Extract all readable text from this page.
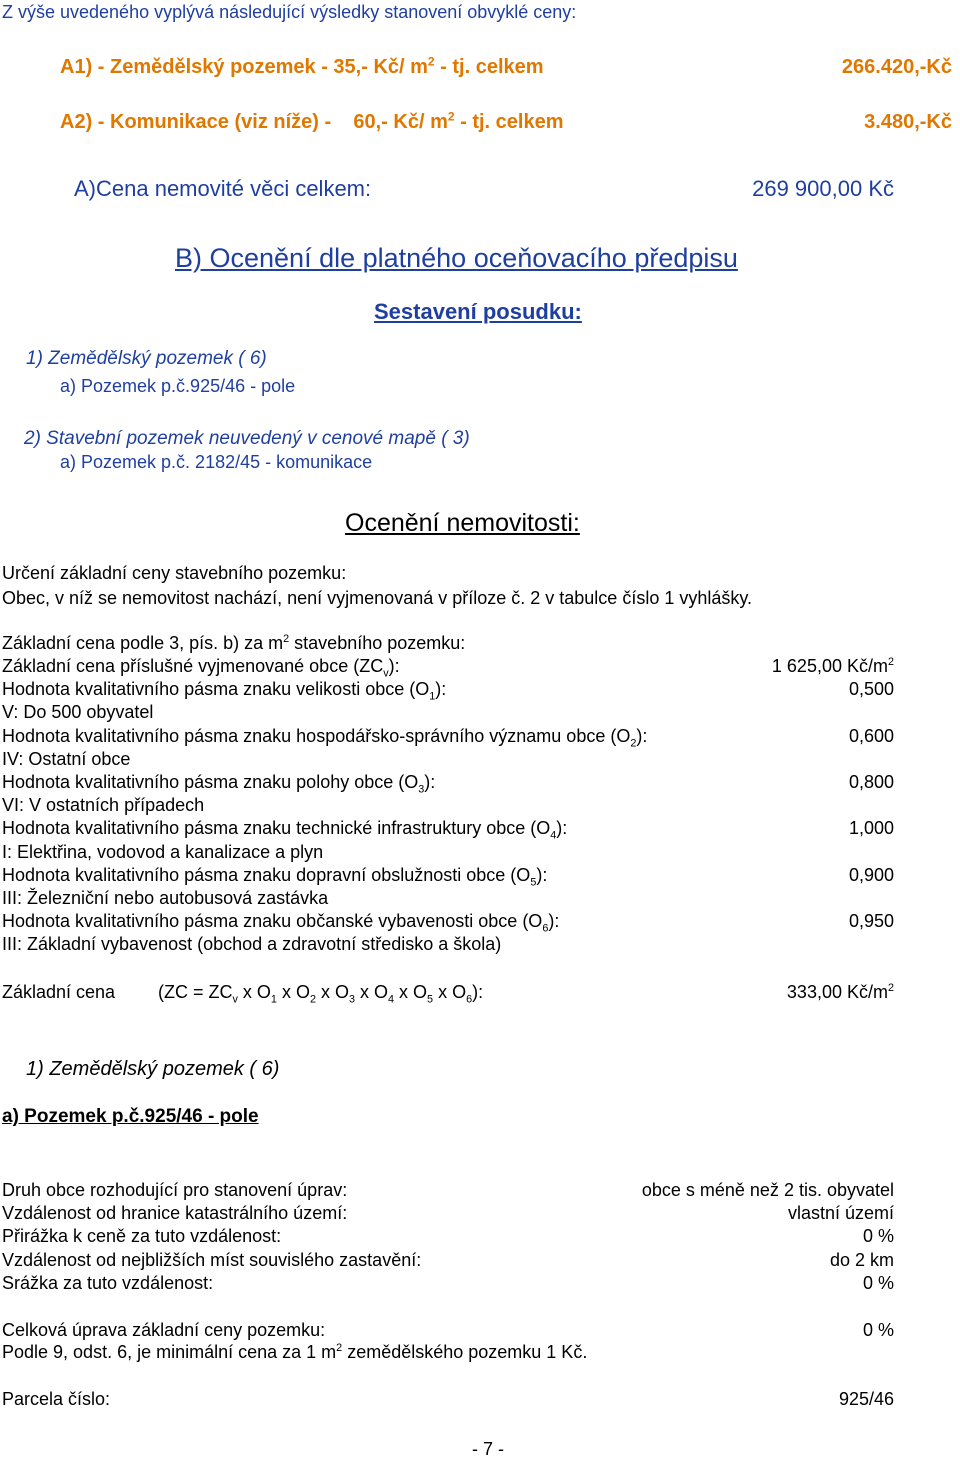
Z výše uvedeného vyplývá následující výsledky stanovení obvyklé ceny:
A1) - Zemědělský pozemek - 35,- Kč/ $m^2$ - tj. celkem	266.420,-Kč
A2) - Komunikace (viz níže) -    60,- Kč/ $m^2$ - tj. celkem	3.480,-Kč
A)Cena nemovité věci celkem:	269 900,00 Kč
B) Ocenění dle platného oceňovacího předpisu
Sestavení posudku:
1) Zemědělský pozemek ( 6)
a) Pozemek p.č.925/46 - pole
2) Stavební pozemek neuvedený v cenové mapě ( 3)
a) Pozemek p.č. 2182/45 - komunikace
Ocenění nemovitosti:
Určení základní ceny stavebního pozemku:
Obec, v níž se nemovitost nachází, není vyjmenovaná v příloze č. 2 v tabulce číslo 1 vyhlášky.
Základní cena podle 3, pís. b) za $m^2$ stavebního pozemku:
Základní cena příslušné vyjmenované obce $(ZC_v)$:	1 625,00 $Kč/m^2$
Hodnota kvalitativního pásma znaku velikosti obce $(O_1)$:	0,500
V: Do 500 obyvatel
Hodnota kvalitativního pásma znaku hospodářsko-správního významu obce $(O_2)$:	0,600
IV: Ostatní obce
Hodnota kvalitativního pásma znaku polohy obce $(O_3)$:	0,800
VI: V ostatních případech
Hodnota kvalitativního pásma znaku technické infrastruktury obce $(O_4)$:	1,000
I: Elektřina, vodovod a kanalizace a plyn
Hodnota kvalitativního pásma znaku dopravní obslužnosti obce $(O_5)$:	0,900
III: Železniční nebo autobusová zastávka
Hodnota kvalitativního pásma znaku občanské vybavenosti obce $(O_6)$:	0,950
III: Základní vybavenost (obchod a zdravotní středisko a škola)
Základní cena ($ZC = ZC_v$ x $O_1$ x $O_2$ x $O_3$ x $O_4$ x $O_5$ x $O_6$):	333,00 $Kč/m^2$
1) Zemědělský pozemek ( 6)
a) Pozemek p.č.925/46 - pole
Druh obce rozhodující pro stanovení úprav:	obce s méně než 2 tis. obyvatel
Vzdálenost od hranice katastrálního území:	vlastní území
Přirážka k ceně za tuto vzdálenost:	0 %
Vzdálenost od nejbližších míst souvislého zastavění:	do 2 km
Srážka za tuto vzdálenost:	0 %
Celková úprava základní ceny pozemku:	0 %
Podle 9, odst. 6, je minimální cena za 1 $m^2$ zemědělského pozemku 1 Kč.
Parcela číslo:	925/46
- 7 -
